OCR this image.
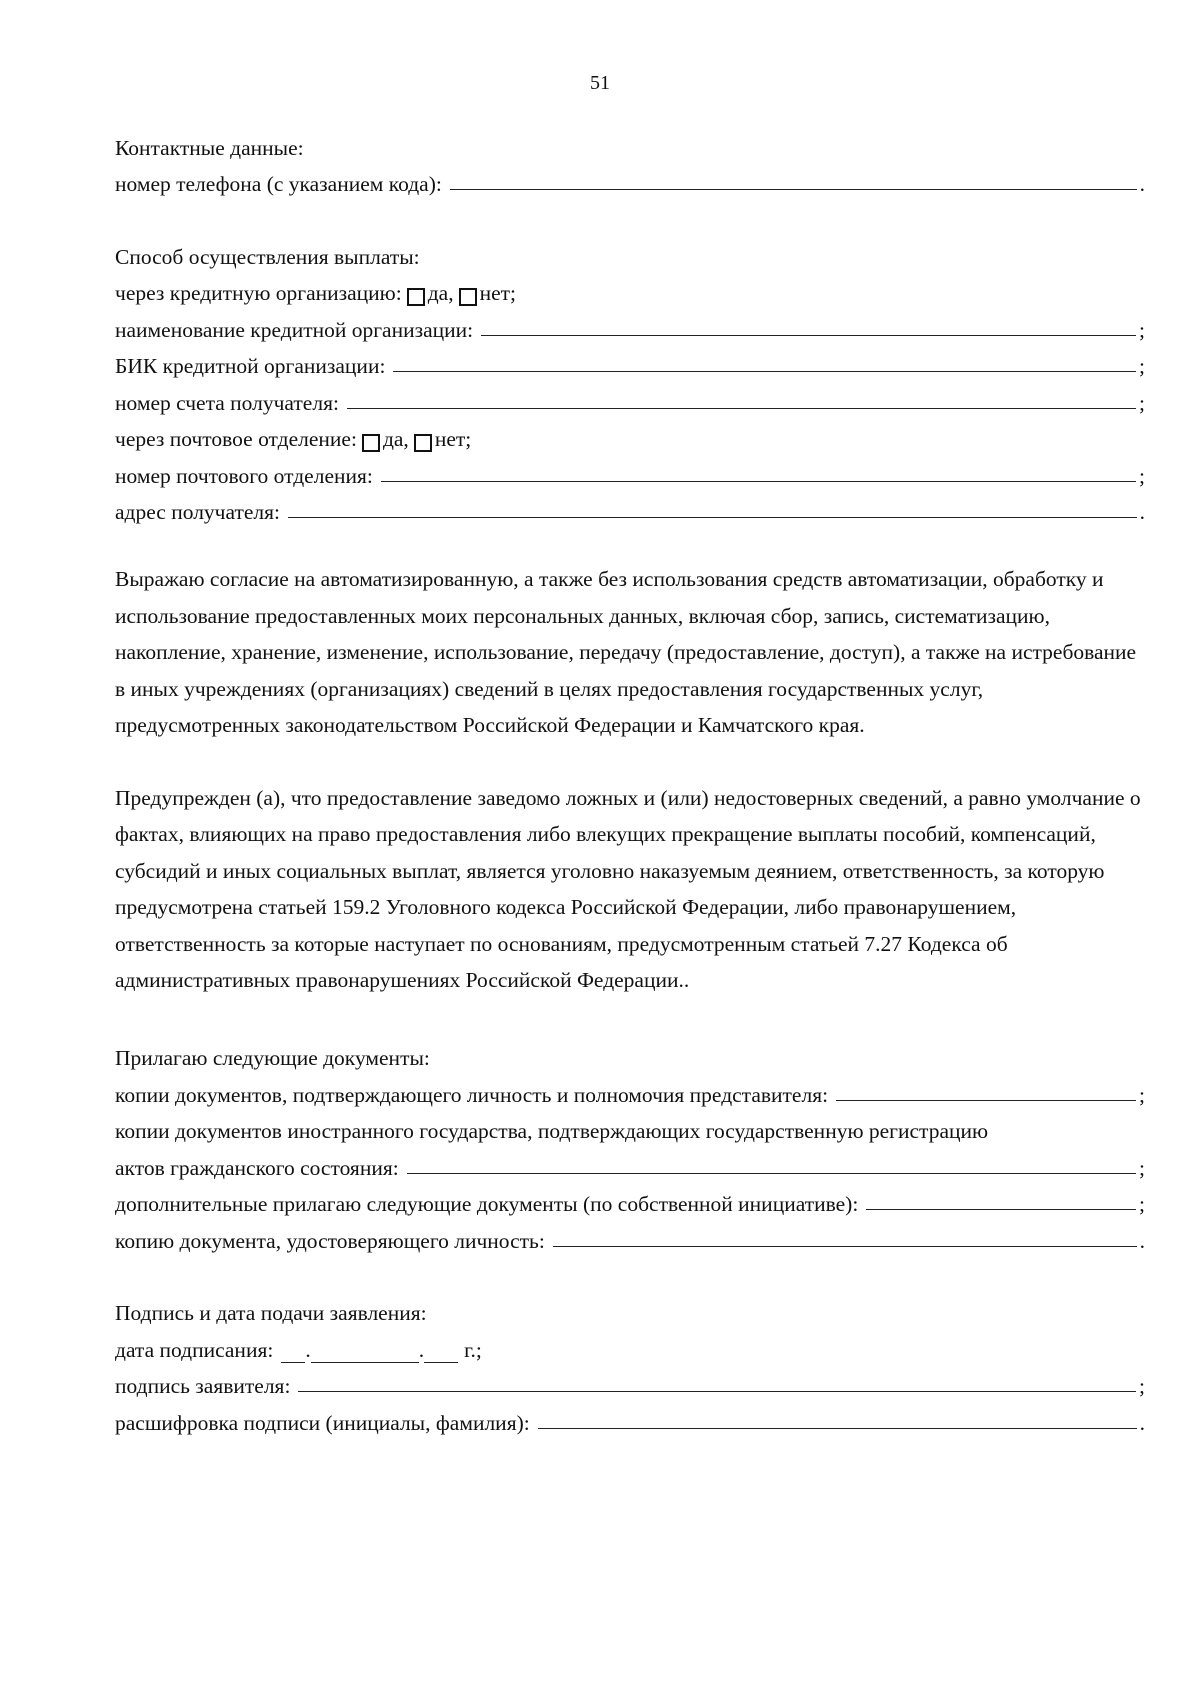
51
Контактные данные:
номер телефона (с указанием кода):	.
Способ осуществления выплаты:
через кредитную организацию: да, нет;
наименование кредитной организации:	;
БИК кредитной организации:	;
номер счета получателя:	;
через почтовое отделение: да, нет;
номер почтового отделения:	;
адрес получателя:	.
Выражаю согласие на автоматизированную, а также без использования средств автоматизации, обработку и использование предоставленных моих персональных данных, включая сбор, запись, систематизацию, накопление, хранение, изменение, использование, передачу (предоставление, доступ), а также на истребование в иных учреждениях (организациях) сведений в целях предоставления государственных услуг, предусмотренных законодательством Российской Федерации и Камчатского края.
Предупрежден (а), что предоставление заведомо ложных и (или) недостоверных сведений, а равно умолчание о фактах, влияющих на право предоставления либо влекущих прекращение выплаты пособий, компенсаций, субсидий и иных социальных выплат, является уголовно наказуемым деянием, ответственность, за которую предусмотрена статьей 159.2 Уголовного кодекса Российской Федерации, либо правонарушением, ответственность за которые наступает по основаниям, предусмотренным статьей 7.27 Кодекса об административных правонарушениях Российской Федерации..
Прилагаю следующие документы:
копии документов, подтверждающего личность и полномочия представителя:	;
копии документов иностранного государства, подтверждающих государственную регистрацию
актов гражданского состояния:	;
дополнительные прилагаю следующие документы (по собственной инициативе):	;
копию документа, удостоверяющего личность:	.
Подпись и дата подачи заявления:
дата подписания: .	. г.;
подпись заявителя:	;
расшифровка подписи (инициалы, фамилия):	.
